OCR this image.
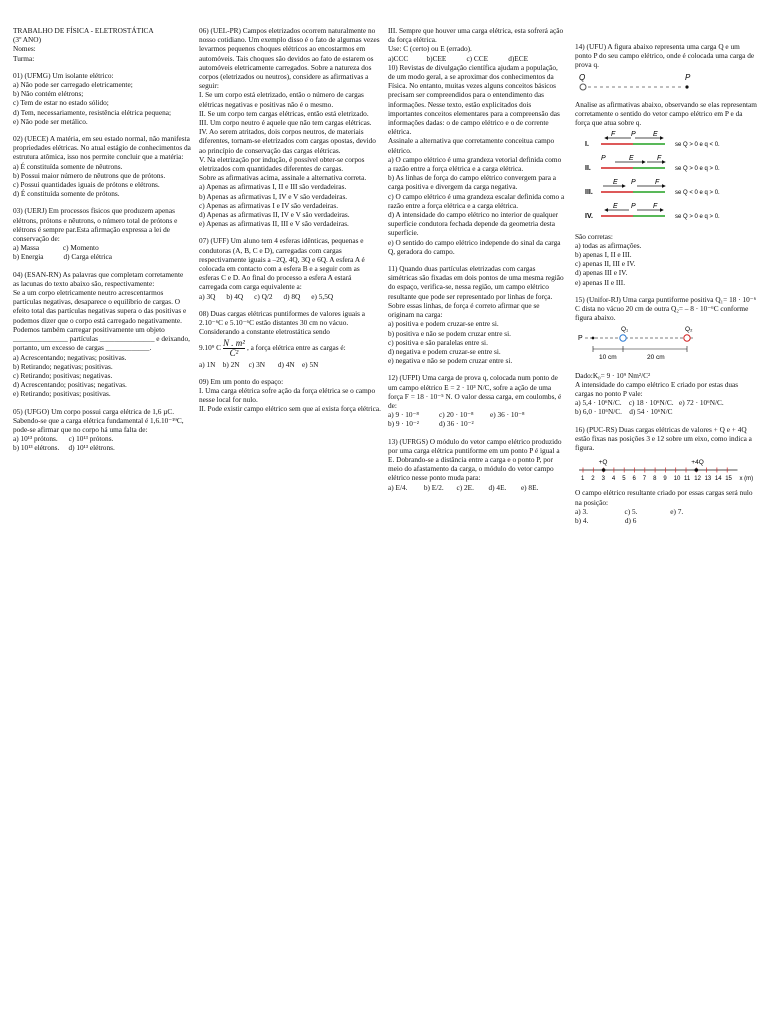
TRABALHO DE FÍSICA - ELETROSTÁTICA

(3º ANO)

Nomes:

Turma:

01) (UFMG) Um isolante elétrico:

a) Não pode ser carregado eletricamente;

b) Não contém elétrons;

c) Tem de estar no estado sólido;

d) Tem, necessariamente, resistência elétrica pequena;

e) Não pode ser metálico.

02) (UECE) A matéria, em seu estado normal, não manifesta propriedades elétricas. No atual estágio de conhecimentos da estrutura atômica, isso nos permite concluir que a matéria:

a) É constituída somente de nêutrons.

b) Possui maior número de nêutrons que de prótons.

c) Possui quantidades iguais de prótons e elétrons.

d) É constituída somente de prótons.

03) (UERJ) Em processos físicos que produzem apenas elétrons, prótons e nêutrons, o número total de prótons e elétrons é sempre par.Esta afirmação expressa a lei de conservação de:

a) Massa             c) Momento

b) Energia           d) Carga elétrica

04) (ESAN-RN) As palavras que completam corretamente as lacunas do texto abaixo são, respectivamente:

Se a um corpo eletricamente neutro acrescentarmos partículas negativas, desaparece o equilíbrio de cargas. O efeito total das partículas negativas supera o das positivas e podemos dizer que o corpo está carregado negativamente. Podemos também carregar positivamente um objeto _______________ partículas _______________ e deixando, portanto, um excesso de cargas ____________.

a) Acrescentando; negativas; positivas.

b) Retirando; negativas; positivas.

c) Retirando; positivas; negativas.

d) Acrescentando; positivas; negativas.

e) Retirando; positivas; positivas.

05) (UFGO) Um corpo possui carga elétrica de 1,6 µC. Sabendo-se que a carga elétrica fundamental é 1,6.10⁻¹⁹C, pode-se afirmar que no corpo há uma falta de:

a) 10¹³ prótons.      c) 10¹³ prótons.

b) 10¹³ elétrons.     d) 10¹³ elétrons.

06) (UEL-PR) Campos eletrizados ocorrem naturalmente no nosso cotidiano. Um exemplo disso é o fato de algumas vezes levarmos pequenos choques elétricos ao encostarmos em automóveis. Tais choques são devidos ao fato de estarem os automóveis eletricamente carregados. Sobre a natureza dos corpos (eletrizados ou neutros), considere as afirmativas a seguir:

I. Se um corpo está eletrizado, então o número de cargas elétricas negativas e positivas não é o mesmo.

II. Se um corpo tem cargas elétricas, então está eletrizado.

III. Um corpo neutro é aquele que não tem cargas elétricas.

IV. Ao serem atritados, dois corpos neutros, de materiais diferentes, tornam-se eletrizados com cargas opostas, devido ao princípio de conservação das cargas elétricas.

V. Na eletrização por indução, é possível obter-se corpos eletrizados com quantidades diferentes de cargas.

Sobre as afirmativas acima, assinale a alternativa correta.

a) Apenas as afirmativas I, II e III são verdadeiras.

b) Apenas as afirmativas I, IV e V são verdadeiras.

c) Apenas as afirmativas I e IV são verdadeiras.

d) Apenas as afirmativas II, IV e V são verdadeiras.

e) Apenas as afirmativas II, III e V são verdadeiras.

07) (UFF) Um aluno tem 4 esferas idênticas, pequenas e condutoras (A, B, C e D), carregadas com cargas respectivamente iguais a –2Q, 4Q, 3Q e 6Q. A esfera A é colocada em contacto com a esfera B e a seguir com as esferas C e D. Ao final do processo a esfera A estará carregada com carga equivalente a:

a) 3Q      b) 4Q      c) Q/2      d) 8Q      e) 5,5Q

08) Duas cargas elétricas puntiformes de valores iguais a    2.10⁻⁶C e 5.10⁻⁶C estão distantes 30 cm no vácuo. Considerando a constante eletrostática sendo

9.10⁹ C $\frac{\text{N . m²}}{\text{C²}}$ , a força elétrica entre as cargas é:

a) 1N    b) 2N     c) 3N       d) 4N    e) 5N

09) Em um ponto do espaço:

I. Uma carga elétrica sofre ação da força elétrica se o campo nesse local for nulo.

II. Pode existir campo elétrico sem que aí exista força elétrica.

III. Sempre que houver uma carga elétrica, esta sofrerá ação da força elétrica.

Use: C (certo) ou E (errado).

a)CCC          b)CEE           c) CCE           d)ECE

10) Revistas de divulgação científica ajudam a população, de um modo geral, a se aproximar dos conhecimentos da Física. No entanto, muitas vezes alguns conceitos básicos precisam ser compreendidos para o entendimento das informações. Nesse texto, estão explicitados dois importantes conceitos elementares para a compreensão das informações dadas: o de campo elétrico e o de corrente elétrica.

Assinale a alternativa que corretamente conceitua campo elétrico.

a) O campo elétrico é uma grandeza vetorial definida como a razão entre a força elétrica e a carga elétrica.

b) As linhas de força do campo elétrico convergem para a carga positiva e divergem da carga negativa.

c) O campo elétrico é uma grandeza escalar definida como a razão entre a força elétrica e a carga elétrica.

d) A intensidade do campo elétrico no interior de qualquer superfície condutora fechada depende da geometria desta superfície.

e) O sentido do campo elétrico independe do sinal da carga Q, geradora do campo.

11) Quando duas partículas eletrizadas com cargas simétricas são fixadas em dois pontos de uma mesma região do espaço, verifica-se, nessa região, um campo elétrico resultante que pode ser representado por linhas de força. Sobre essas linhas, de força é correto afirmar que se originam na carga:

a) positiva e podem cruzar-se entre si.

b) positiva e não se podem cruzar entre si.

c) positiva e são paralelas entre si.

d) negativa e podem cruzar-se entre si.

e) negativa e não se podem cruzar entre si.

12) (UFPI) Uma carga de prova q, colocada num ponto de um campo elétrico E = 2 · 10³ N/C, sofre a ação de uma força F = 18 · 10⁻⁵ N. O valor dessa carga, em coulombs, é de:

a) 9 · 10⁻⁸           c) 20 · 10⁻⁸         e) 36 · 10⁻⁸

b) 9 · 10⁻²           d) 36 · 10⁻²

13) (UFRGS) O módulo do vetor campo elétrico produzido por uma carga elétrica puntiforme em um ponto P é igual a E. Dobrando-se a distância entre a carga e o ponto P, por meio do afastamento da carga, o módulo do vetor campo elétrico nesse ponto muda para:

a) E/4.         b) E/2.       c) 2E.        d) 4E.        e) 8E.

14) (UFU) A figura abaixo representa uma carga Q e um ponto P do seu campo elétrico, onde é colocada uma carga de prova q.

Q	P

Analise as afirmativas abaixo, observando se elas representam corretamente o sentido do vetor campo elétrico em P e da força que atua sobre q.

I.
F P E
se Q > 0 e q < 0.
II.
P	E	F
se Q > 0 e q > 0.
III.
E P	F
se Q < 0 e q > 0.
IV.
E P F
se Q > 0 e q > 0.

São corretas:

a) todas as afirmações.

b) apenas I, II e III.

c) apenas II, III e IV.

d) apenas III e IV.

e) apenas II e III.

15) (Unifor-RJ) Uma carga puntiforme positiva Q₁= 18 · 10⁻⁶ C dista no vácuo 20 cm de outra Q₂= – 8 · 10⁻⁶C conforme figura abaixo.

P
Q₁	Q₂
10 cm	20 cm

Dado:K₀= 9 · 10⁹ Nm²/C²

A intensidade do campo elétrico E criado por estas duas cargas no ponto P vale:

a) 5,4 · 10⁶N/C.    c) 18 · 10⁶N/C.   e) 72 · 10⁶N/C.

b) 6,0 · 10⁶N/C.    d) 54 · 10⁶N/C

16) (PUC-RS) Duas cargas elétricas de valores + Q e + 4Q estão fixas nas posições 3 e 12 sobre um eixo, como indica a figura.

1 2 3 4 5 6 7 8 9 10 11 12 13 14 15 x (m)
+Q	+4Q

O campo elétrico resultante criado por essas cargas será nulo na posição:

a) 3.                    c) 5.                  e) 7.

b) 4.                    d) 6
